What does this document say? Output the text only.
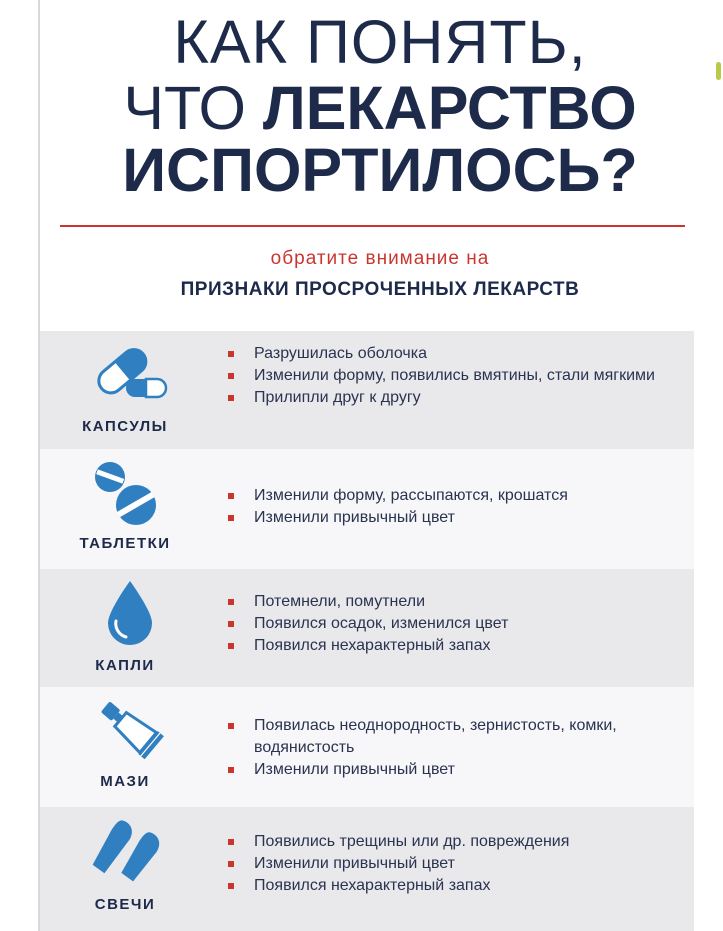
КАК ПОНЯТЬ,
ЧТО ЛЕКАРСТВО
ИСПОРТИЛОСЬ?
обратите внимание на
ПРИЗНАКИ ПРОСРОЧЕННЫХ ЛЕКАРСТВ
КАПСУЛЫ
Разрушилась оболочка
Изменили форму, появились вмятины, стали мягкими
Прилипли друг к другу
ТАБЛЕТКИ
Изменили форму, рассыпаются, крошатся
Изменили привычный цвет
КАПЛИ
Потемнели, помутнели
Появился осадок, изменился цвет
Появился нехарактерный запах
МАЗИ
Появилась неоднородность, зернистость, комки, водянистость
Изменили привычный цвет
СВЕЧИ
Появились трещины или др. повреждения
Изменили привычный цвет
Появился нехарактерный запах
